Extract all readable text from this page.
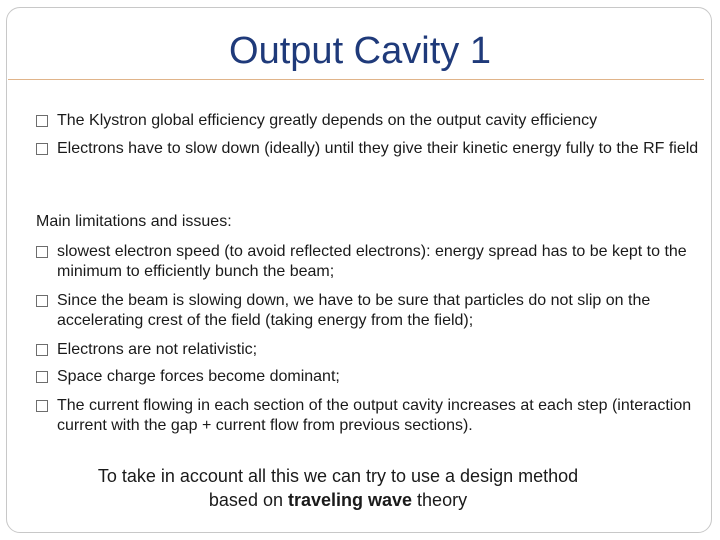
Output Cavity 1
The Klystron global efficiency greatly depends on the output cavity efficiency
Electrons have to slow down (ideally) until they give their kinetic energy fully to the RF field
Main limitations and issues:
slowest electron speed (to avoid reflected electrons): energy spread has to be kept to the minimum to efficiently bunch the beam;
Since the beam is slowing down, we have to be sure that particles do not slip on the accelerating crest of the field (taking energy from the field);
Electrons are not relativistic;
Space charge forces become dominant;
The current flowing in each section of the output cavity increases at each step (interaction current with the gap + current flow from previous sections).
To take in account all this we can try to use a design method based on traveling wave theory
